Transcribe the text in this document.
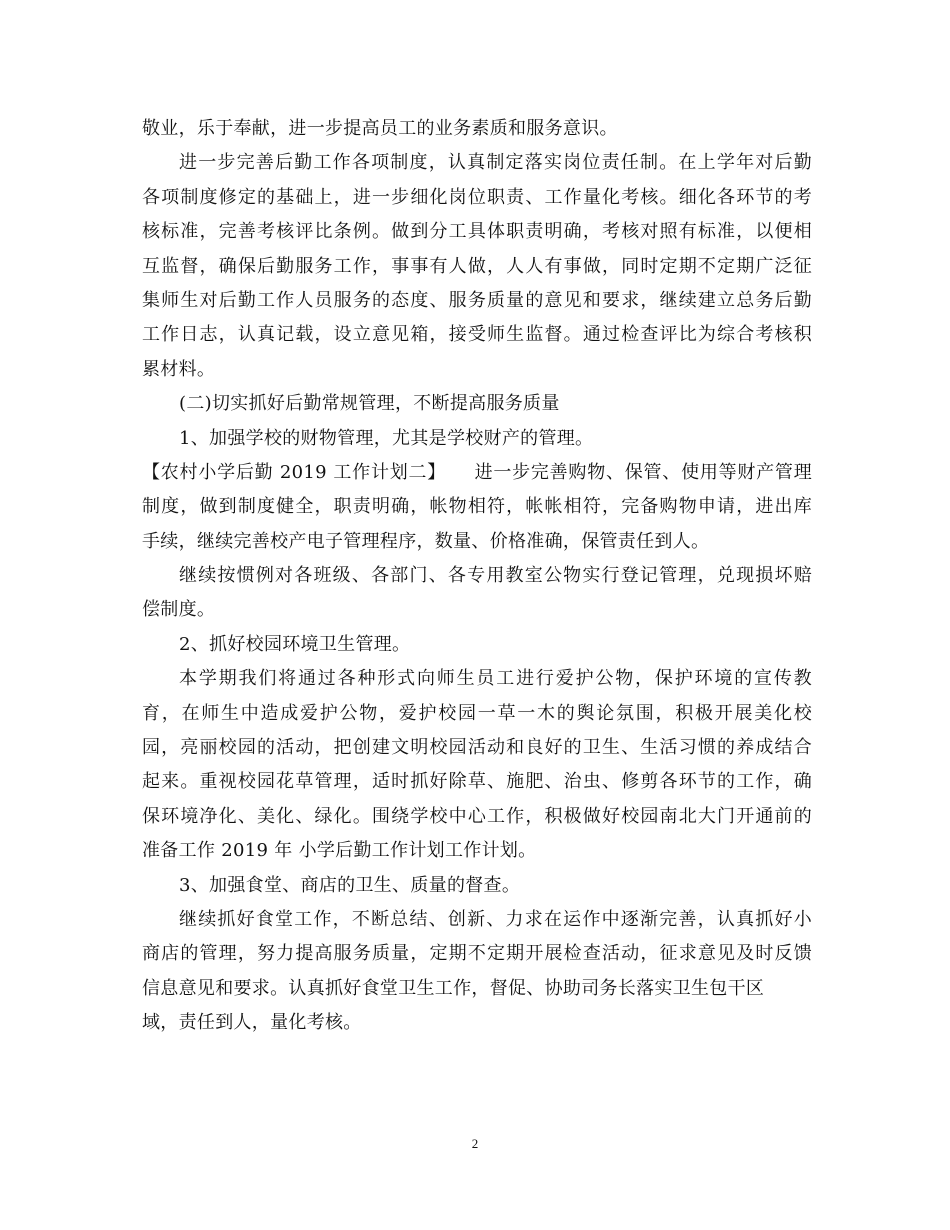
敬业，乐于奉献，进一步提高员工的业务素质和服务意识。
进一步完善后勤工作各项制度，认真制定落实岗位责任制。在上学年对后勤
各项制度修定的基础上，进一步细化岗位职责、工作量化考核。细化各环节的考
核标准，完善考核评比条例。做到分工具体职责明确，考核对照有标准，以便相
互监督，确保后勤服务工作，事事有人做，人人有事做，同时定期不定期广泛征
集师生对后勤工作人员服务的态度、服务质量的意见和要求，继续建立总务后勤
工作日志，认真记载，设立意见箱，接受师生监督。通过检查评比为综合考核积
累材料。
(二)切实抓好后勤常规管理，不断提高服务质量
1、加强学校的财物管理，尤其是学校财产的管理。
【农村小学后勤 2019 工作计划二】　　进一步完善购物、保管、使用等财产管理
制度，做到制度健全，职责明确，帐物相符，帐帐相符，完备购物申请，进出库
手续，继续完善校产电子管理程序，数量、价格准确，保管责任到人。
继续按惯例对各班级、各部门、各专用教室公物实行登记管理，兑现损坏赔
偿制度。
2、抓好校园环境卫生管理。
本学期我们将通过各种形式向师生员工进行爱护公物，保护环境的宣传教
育，在师生中造成爱护公物，爱护校园一草一木的舆论氛围，积极开展美化校
园，亮丽校园的活动，把创建文明校园活动和良好的卫生、生活习惯的养成结合
起来。重视校园花草管理，适时抓好除草、施肥、治虫、修剪各环节的工作，确
保环境净化、美化、绿化。围绕学校中心工作，积极做好校园南北大门开通前的
准备工作 2019 年 小学后勤工作计划工作计划。
3、加强食堂、商店的卫生、质量的督查。
继续抓好食堂工作，不断总结、创新、力求在运作中逐渐完善，认真抓好小
商店的管理，努力提高服务质量，定期不定期开展检查活动，征求意见及时反馈
信息意见和要求。认真抓好食堂卫生工作，督促、协助司务长落实卫生包干区
域，责任到人，量化考核。
2
